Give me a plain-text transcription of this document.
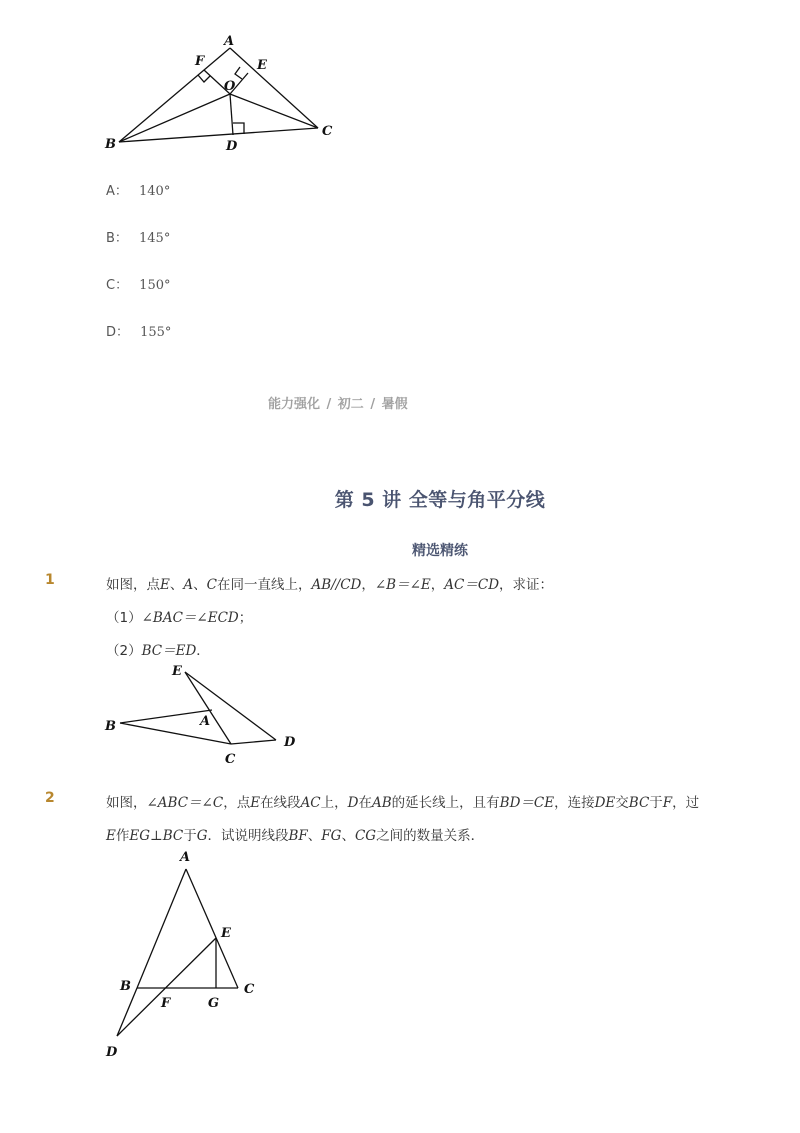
A
F	E
O
B
C
D
A： 140°
B： 145°
C： 150°
D： 155°
能力强化 / 初二 / 暑假
第 5 讲 全等与角平分线
精选精练
1	如图，点E、A、C在同一直线上，AB//CD，∠B＝∠E，AC＝CD，求证：
（1）∠BAC＝∠ECD；
（2）BC＝ED．
E
B	A
C
D
2	如图，∠ABC＝∠C，点E在线段AC上，D在AB的延长线上，且有BD＝CE，连接DE交BC于F，过
E作EG⊥BC于G．试说明线段BF、FG、CG之间的数量关系．
A
E
B
F	G
C
D
